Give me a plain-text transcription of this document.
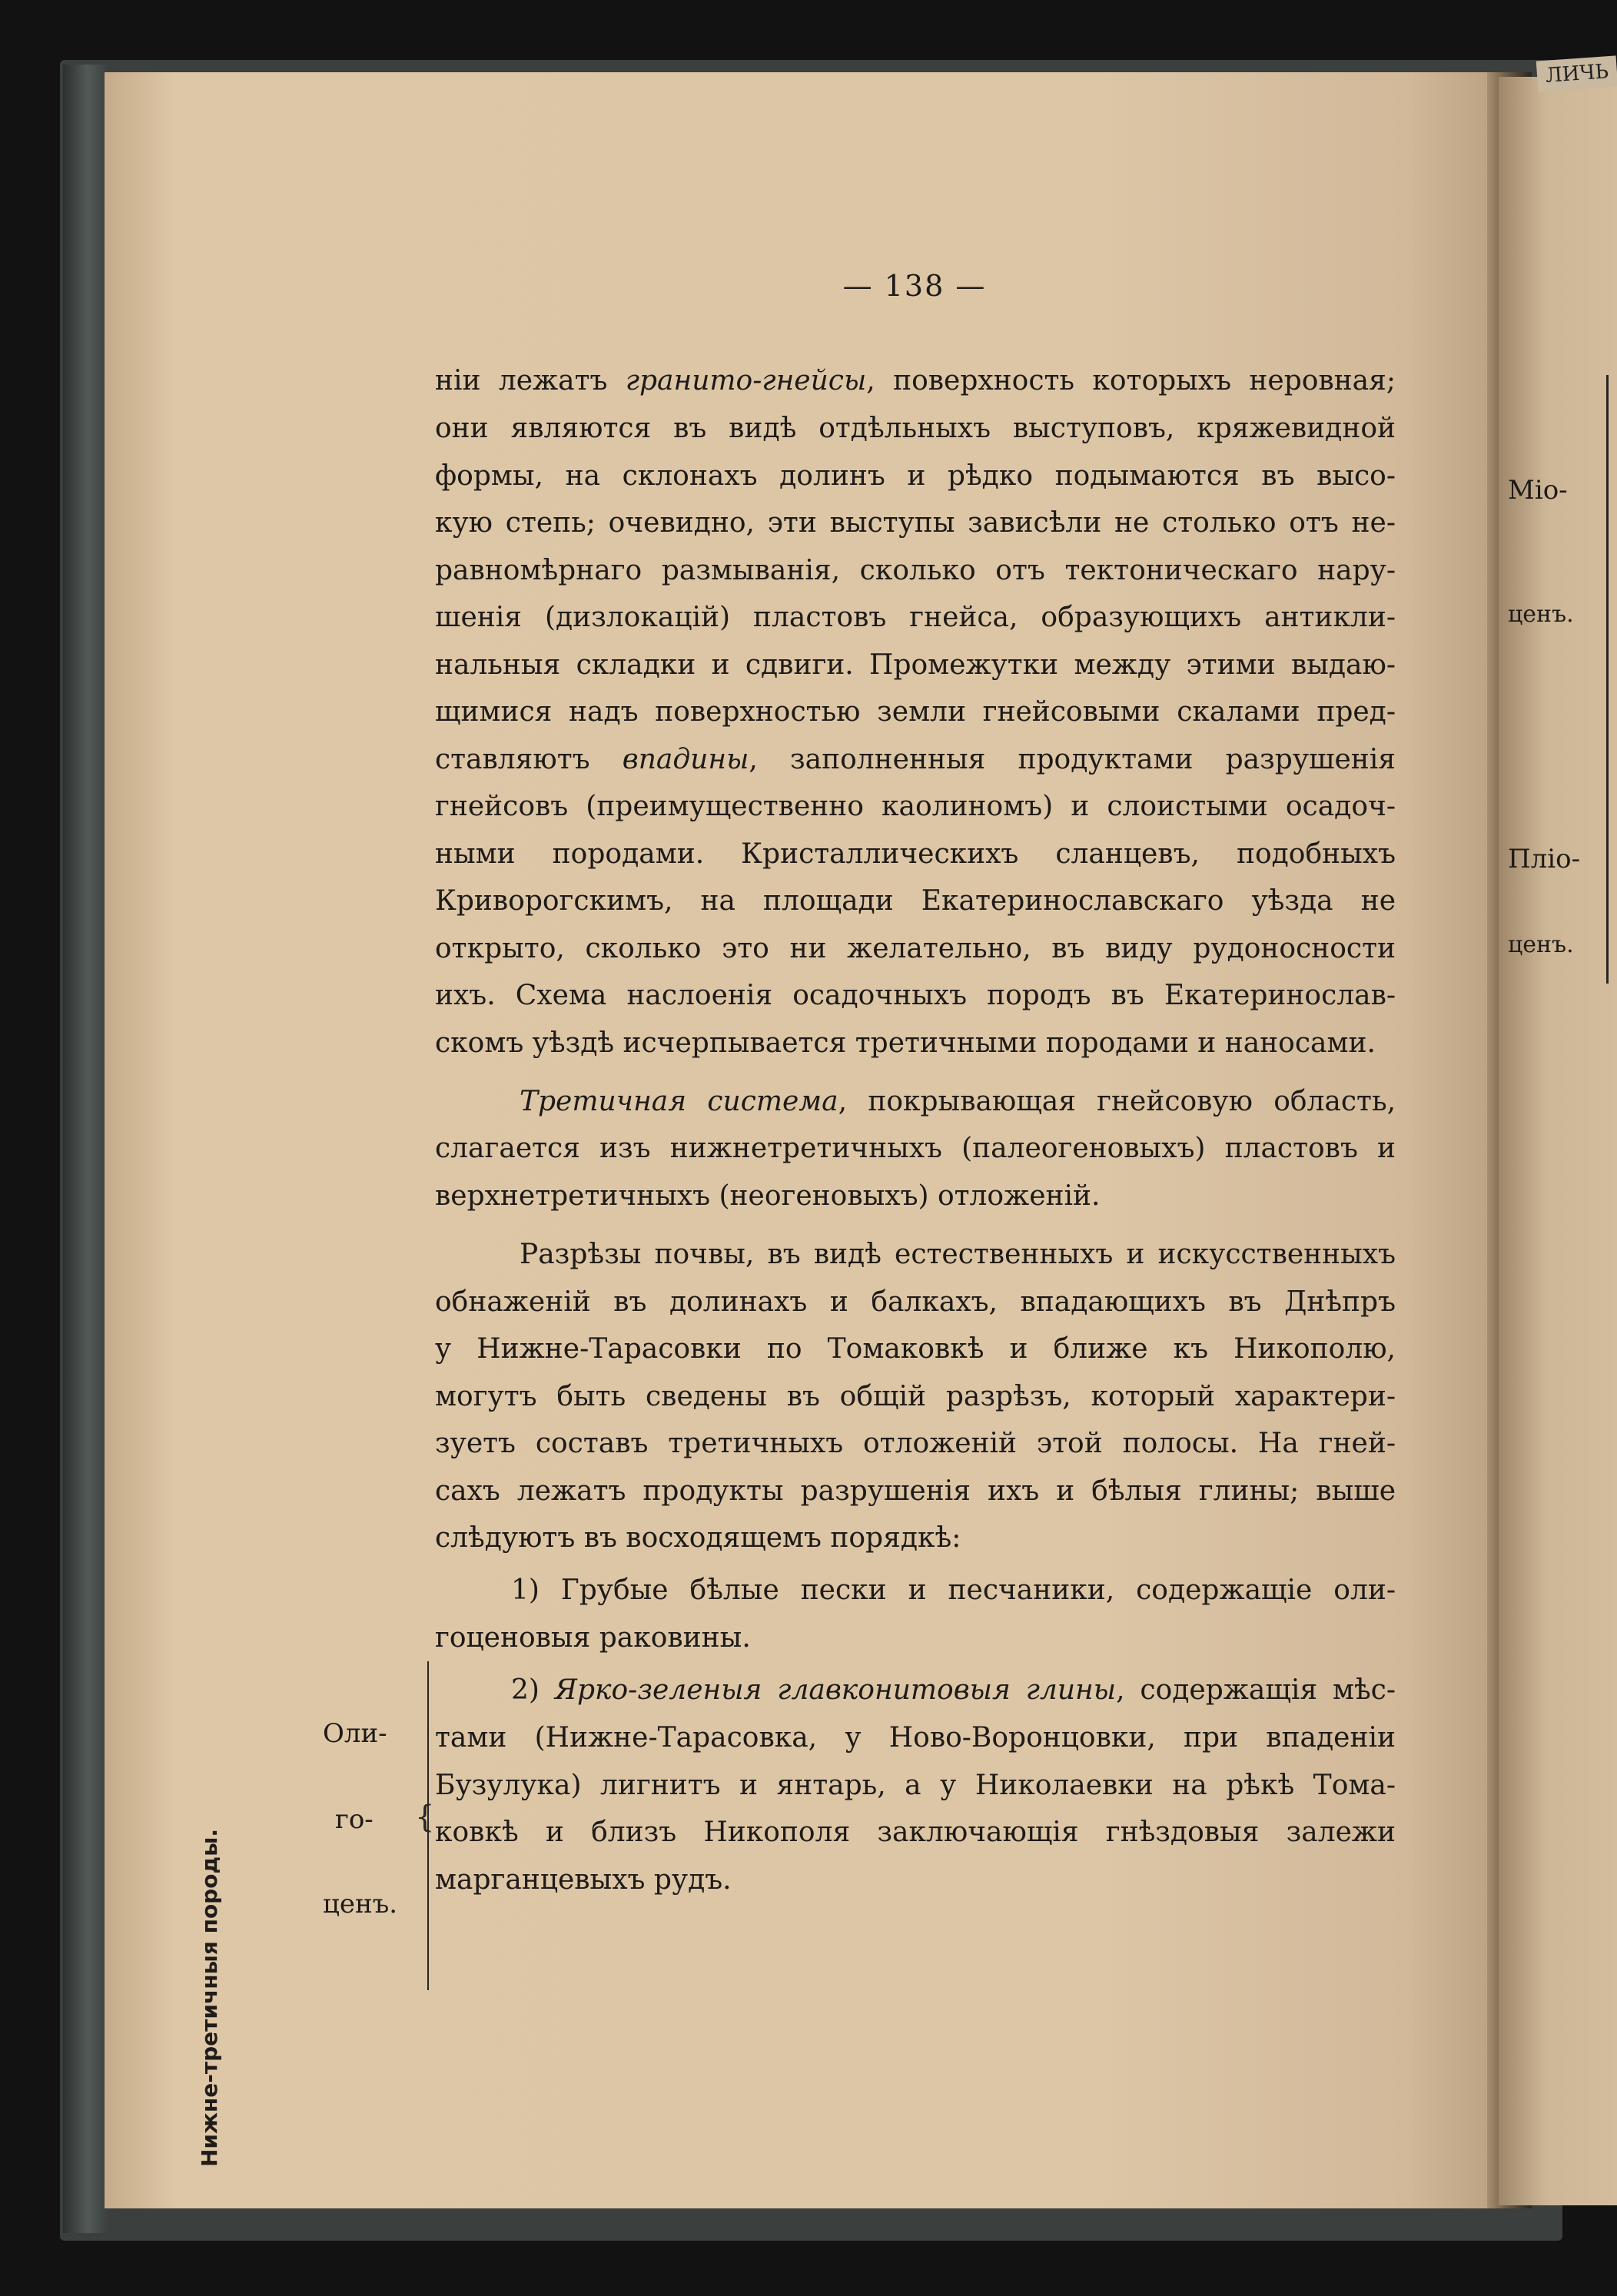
ЛИЧЬ
— 138 —
ніи лежатъ гранито-гнейсы, поверхность которыхъ неровная;
они являются въ видѣ отдѣльныхъ выступовъ, кряжевидной
формы, на склонахъ долинъ и рѣдко подымаются въ высо-
кую степь; очевидно, эти выступы зависѣли не столько отъ не-
равномѣрнаго размыванія, сколько отъ тектоническаго нару-
шенія (дизлокацій) пластовъ гнейса, образующихъ антикли-
нальныя складки и сдвиги. Промежутки между этими выдаю-
щимися надъ поверхностью земли гнейсовыми скалами пред-
ставляютъ впадины, заполненныя продуктами разрушенія
гнейсовъ (преимущественно каолиномъ) и слоистыми осадоч-
ными породами. Кристаллическихъ сланцевъ, подобныхъ
Криворогскимъ, на площади Екатеринославскаго уѣзда не
открыто, сколько это ни желательно, въ виду рудоносности
ихъ. Схема наслоенія осадочныхъ породъ въ Екатеринослав-
скомъ уѣздѣ исчерпывается третичными породами и наносами.
Третичная система, покрывающая гнейсовую область,
слагается изъ нижнетретичныхъ (палеогеновыхъ) пластовъ и
верхнетретичныхъ (неогеновыхъ) отложеній.
Разрѣзы почвы, въ видѣ естественныхъ и искусственныхъ
обнаженій въ долинахъ и балкахъ, впадающихъ въ Днѣпръ
у Нижне-Тарасовки по Томаковкѣ и ближе къ Никополю,
могутъ быть сведены въ общій разрѣзъ, который характери-
зуетъ составъ третичныхъ отложеній этой полосы. На гней-
сахъ лежатъ продукты разрушенія ихъ и бѣлыя глины; выше
слѣдуютъ въ восходящемъ порядкѣ:
1) Грубые бѣлые пески и песчаники, содержащіе оли-
гоценовыя раковины.
2) Ярко-зеленыя главконитовыя глины, содержащія мѣс-
тами (Нижне-Тарасовка, у Ново-Воронцовки, при впаденіи
Бузулука) лигнитъ и янтарь, а у Николаевки на рѣкѣ Тома-
ковкѣ и близъ Никополя заключающія гнѣздовыя залежи
марганцевыхъ рудъ.
Нижне-третичныя породы.
Оли-
го-
ценъ.
{
Міо-
ценъ.
Пліо-
ценъ.
